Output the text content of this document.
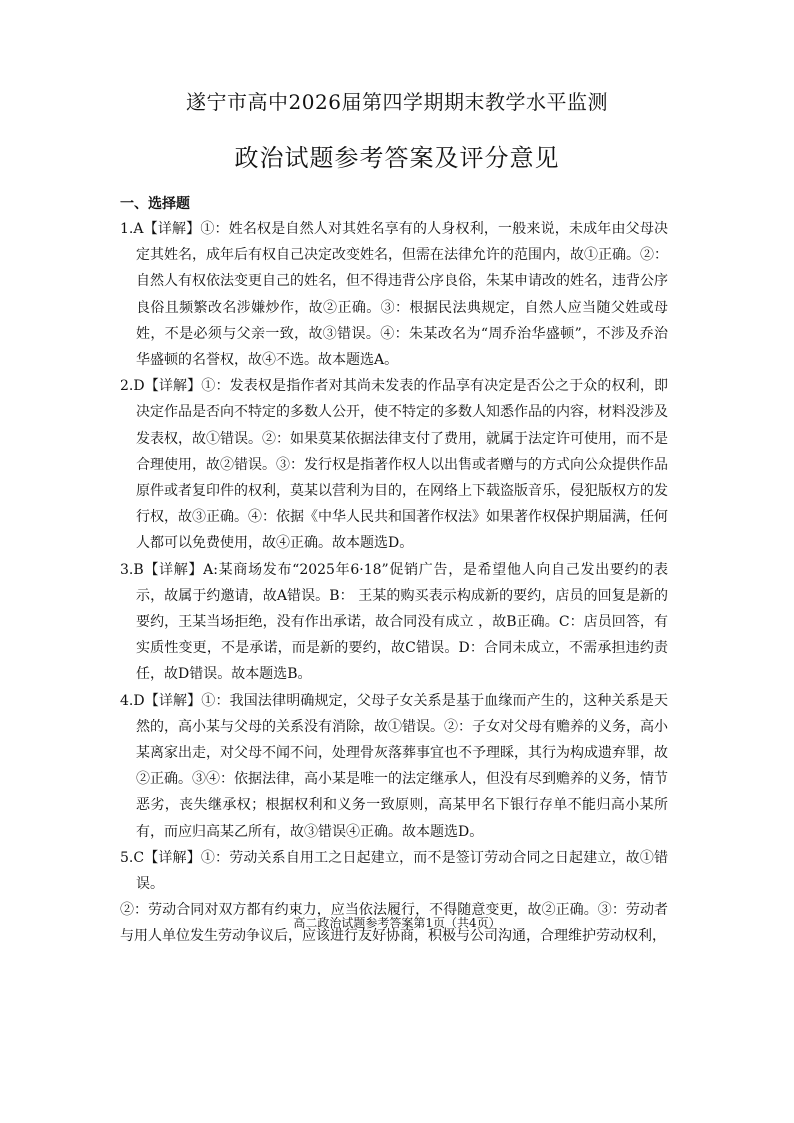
遂宁市高中2026届第四学期期末教学水平监测
政治试题参考答案及评分意见
一、选择题
1.A【详解】①：姓名权是自然人对其姓名享有的人身权利，一般来说，未成年由父母决定其姓名，成年后有权自己决定改变姓名，但需在法律允许的范围内，故①正确。②：自然人有权依法变更自己的姓名，但不得违背公序良俗，朱某申请改的姓名，违背公序良俗且频繁改名涉嫌炒作，故②正确。③：根据民法典规定，自然人应当随父姓或母姓，不是必须与父亲一致，故③错误。④：朱某改名为“周乔治华盛顿”，不涉及乔治华盛顿的名誉权，故④不选。故本题选A。
2.D【详解】①：发表权是指作者对其尚未发表的作品享有决定是否公之于众的权利，即决定作品是否向不特定的多数人公开，使不特定的多数人知悉作品的内容，材料没涉及发表权，故①错误。②：如果莫某依据法律支付了费用，就属于法定许可使用，而不是合理使用，故②错误。③：发行权是指著作权人以出售或者赠与的方式向公众提供作品原件或者复印件的权利，莫某以营利为目的，在网络上下载盗版音乐，侵犯版权方的发行权，故③正确。④：依据《中华人民共和国著作权法》如果著作权保护期届满，任何人都可以免费使用，故④正确。故本题选D。
3.B【详解】A:某商场发布“2025年6·18”促销广告，是希望他人向自己发出要约的表示，故属于约邀请，故A错误。B： 王某的购买表示构成新的要约，店员的回复是新的要约，王某当场拒绝，没有作出承诺，故合同没有成立 ，故B正确。C：店员回答，有实质性变更，不是承诺，而是新的要约，故C错误。D：合同未成立，不需承担违约责任，故D错误。故本题选B。
4.D【详解】①：我国法律明确规定，父母子女关系是基于血缘而产生的，这种关系是天然的，高小某与父母的关系没有消除，故①错误。②：子女对父母有赡养的义务，高小某离家出走，对父母不闻不问，处理骨灰落葬事宜也不予理睬，其行为构成遗弃罪，故②正确。③④：依据法律，高小某是唯一的法定继承人，但没有尽到赡养的义务，情节恶劣，丧失继承权；根据权利和义务一致原则，高某甲名下银行存单不能归高小某所有，而应归高某乙所有，故③错误④正确。故本题选D。
5.C【详解】①：劳动关系自用工之日起建立，而不是签订劳动合同之日起建立，故①错误。
②：劳动合同对双方都有约束力，应当依法履行，不得随意变更，故②正确。③：劳动者与用人单位发生劳动争议后，应该进行友好协商，积极与公司沟通，合理维护劳动权利，
高二政治试题参考答案第1页（共4页）
